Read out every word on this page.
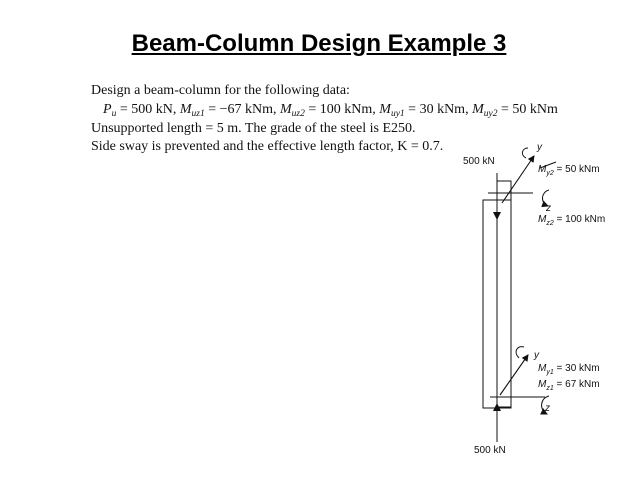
Beam-Column Design Example 3
Design a beam-column for the following data:
$P_u = 500$ kN, $M_{uz1} = -67$ kNm, $M_{uz2} = 100$ kNm, $M_{uy1} = 30$ kNm, $M_{uy2} = 50$ kNm
Unsupported length = 5 m. The grade of the steel is E250.
Side sway is prevented and the effective length factor, K = 0.7.	y
z
y
z
500 kN
500 kN
$M_{y2} = 50$ kNm
$M_{z2} = 100$ kNm
$M_{y1} = 30$ kNm
$M_{z1} = 67$ kNm
